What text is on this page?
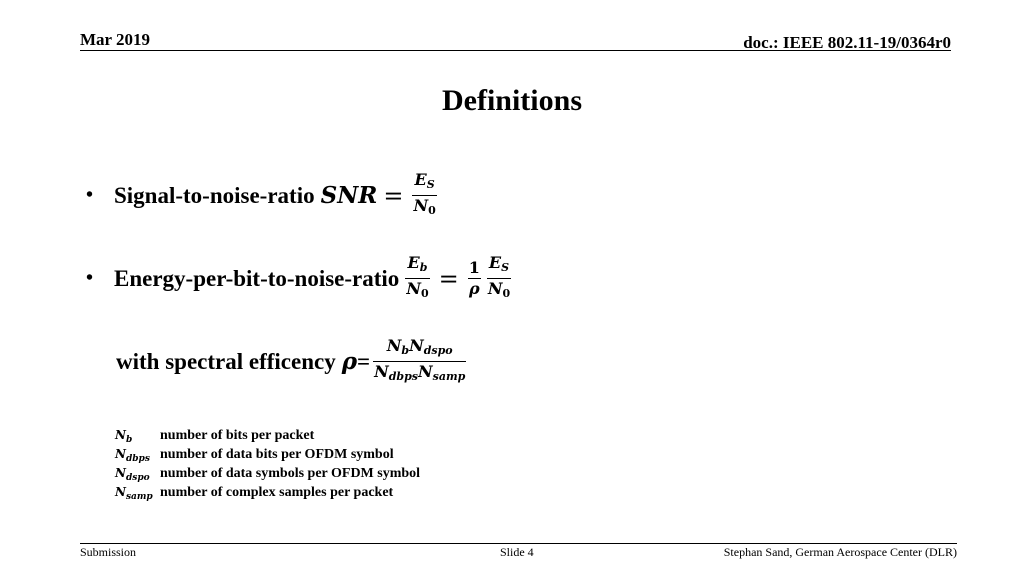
Mar 2019	doc.: IEEE 802.11-19/0364r0
Definitions
• Signal-to-noise-ratio SNR = $\frac{E_S}{N_0}$
• Energy-per-bit-to-noise-ratio $\frac{E_b}{N_0} = \frac{1}{\rho} \frac{E_S}{N_0}$
with spectral efficency $\rho = \frac{N_bN_{dspo}}{N_{dbps}N_{samp}}$
$N_b$	number of bits per packet
$N_{dbps}$ number of data bits per OFDM symbol
$N_{dspo}$ number of data symbols per OFDM symbol
$N_{samp}$ number of complex samples per packet
Submission	Slide 4	Stephan Sand, German Aerospace Center (DLR)
